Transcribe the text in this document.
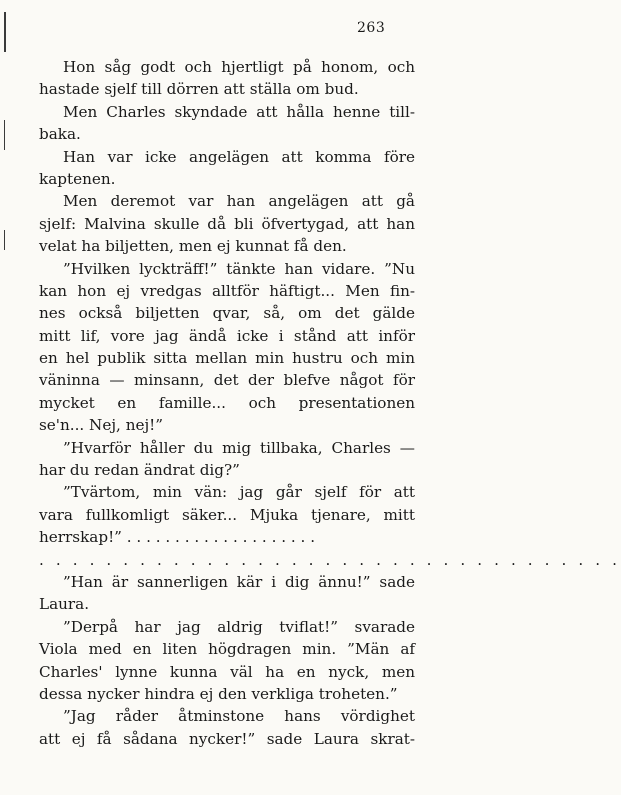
263
Hon såg godt och hjertligt på honom, och
hastade sjelf till dörren att ställa om bud.
Men Charles skyndade att hålla henne till-
baka.
Han var icke angelägen att komma före
kaptenen.
Men deremot var han angelägen att gå
sjelf: Malvina skulle då bli öfvertygad, att han
velat ha biljetten, men ej kunnat få den.
”Hvilken lyckträff!” tänkte han vidare. ”Nu
kan hon ej vredgas alltför häftigt... Men fin-
nes också biljetten qvar, så, om det gälde
mitt lif, vore jag ändå icke i stånd att inför
en hel publik sitta mellan min hustru och min
väninna — minsann, det der blefve något för
mycket en famille... och presentationen
se'n... Nej, nej!”
”Hvarför håller du mig tillbaka, Charles —
har du redan ändrat dig?”
”Tvärtom, min vän: jag går sjelf för att
vara fullkomligt säker... Mjuka tjenare, mitt
herrskap!” . . . . . . . . . . . . . . . . . . . .
. . . . . . . . . . . . . . . . . . . . . . . . . . . . . . . . . . .
”Han är sannerligen kär i dig ännu!” sade
Laura.
”Derpå har jag aldrig tviflat!” svarade
Viola med en liten högdragen min. ”Män af
Charles' lynne kunna väl ha en nyck, men
dessa nycker hindra ej den verkliga troheten.”
”Jag råder åtminstone hans vördighet
att ej få sådana nycker!” sade Laura skrat-
